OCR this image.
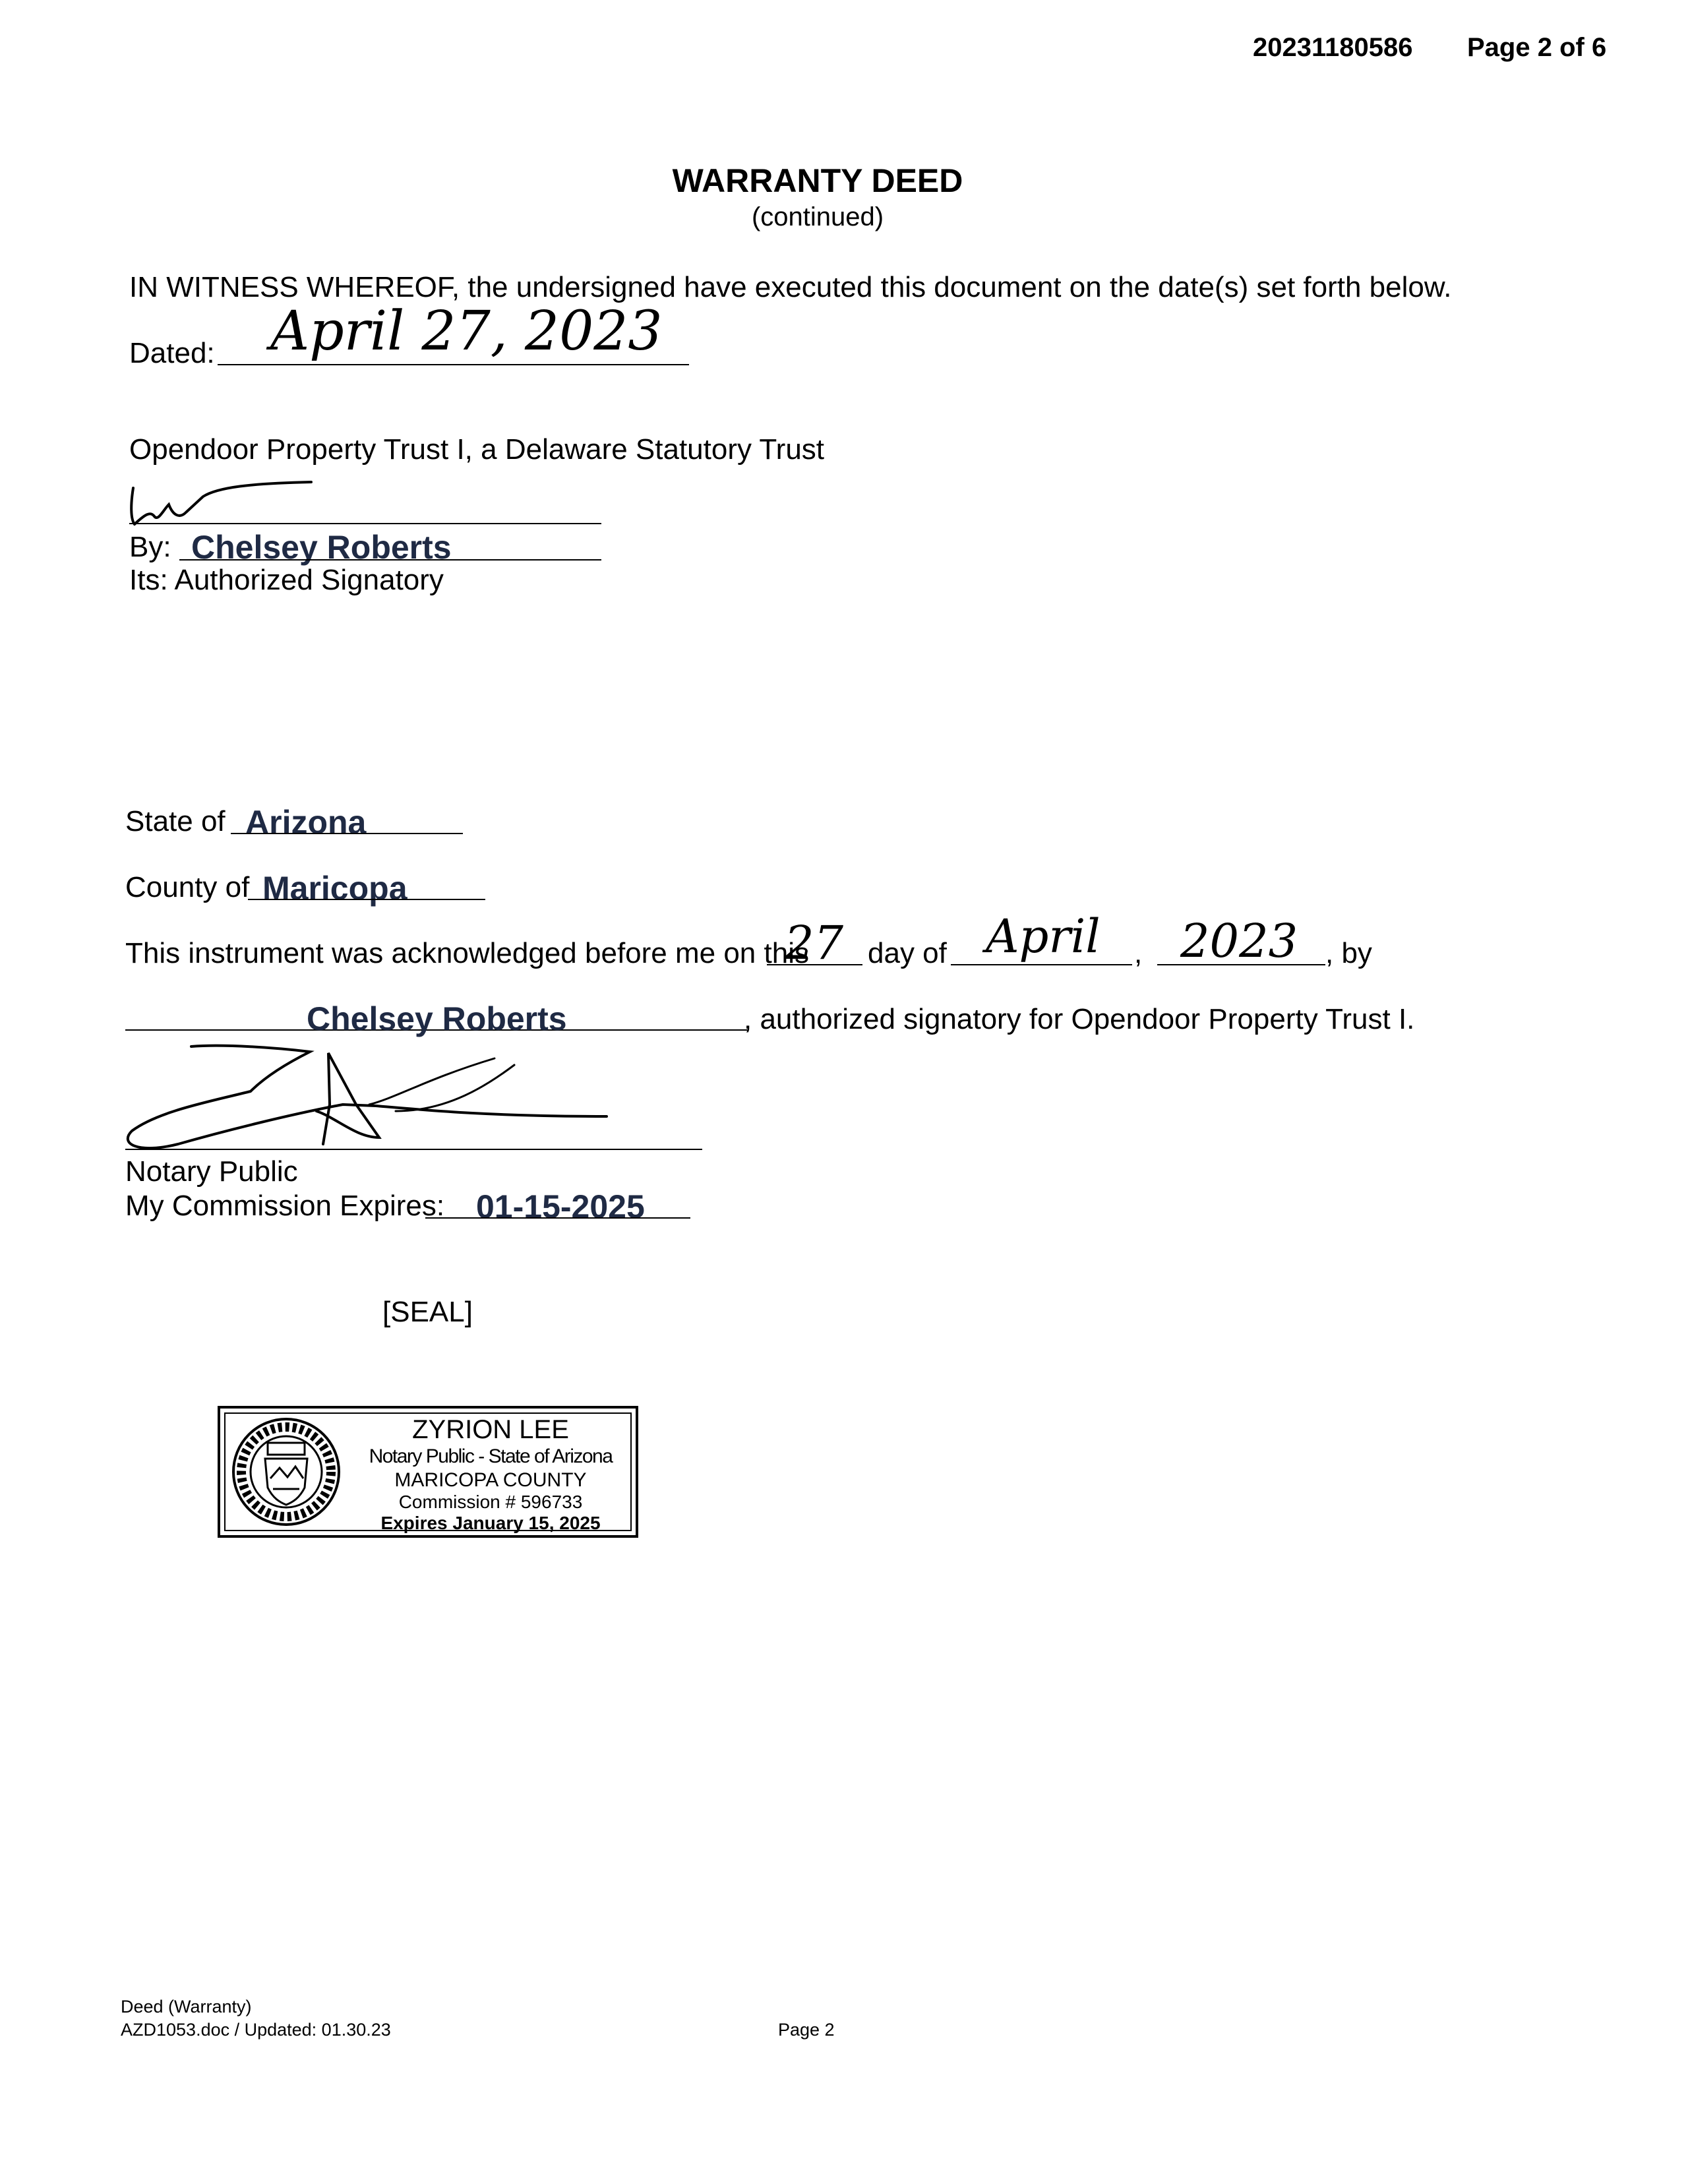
20231180586 Page 2 of 6
WARRANTY DEED
(continued)
IN WITNESS WHEREOF, the undersigned have executed this document on the date(s) set forth below.
Dated: April 27, 2023
Opendoor Property Trust I, a Delaware Statutory Trust
By: Chelsey Roberts
Its: Authorized Signatory
State of Arizona
County of Maricopa
This instrument was acknowledged before me on this
27 day of April , 2023 , by
Chelsey Roberts	, authorized signatory for Opendoor Property Trust I.
Notary Public
My Commission Expires: 01-15-2025
[SEAL]
ZYRION LEE
Notary Public - State of Arizona
MARICOPA COUNTY
Commission # 596733
Expires January 15, 2025
Deed (Warranty)
AZD1053.doc / Updated: 01.30.23	Page 2
